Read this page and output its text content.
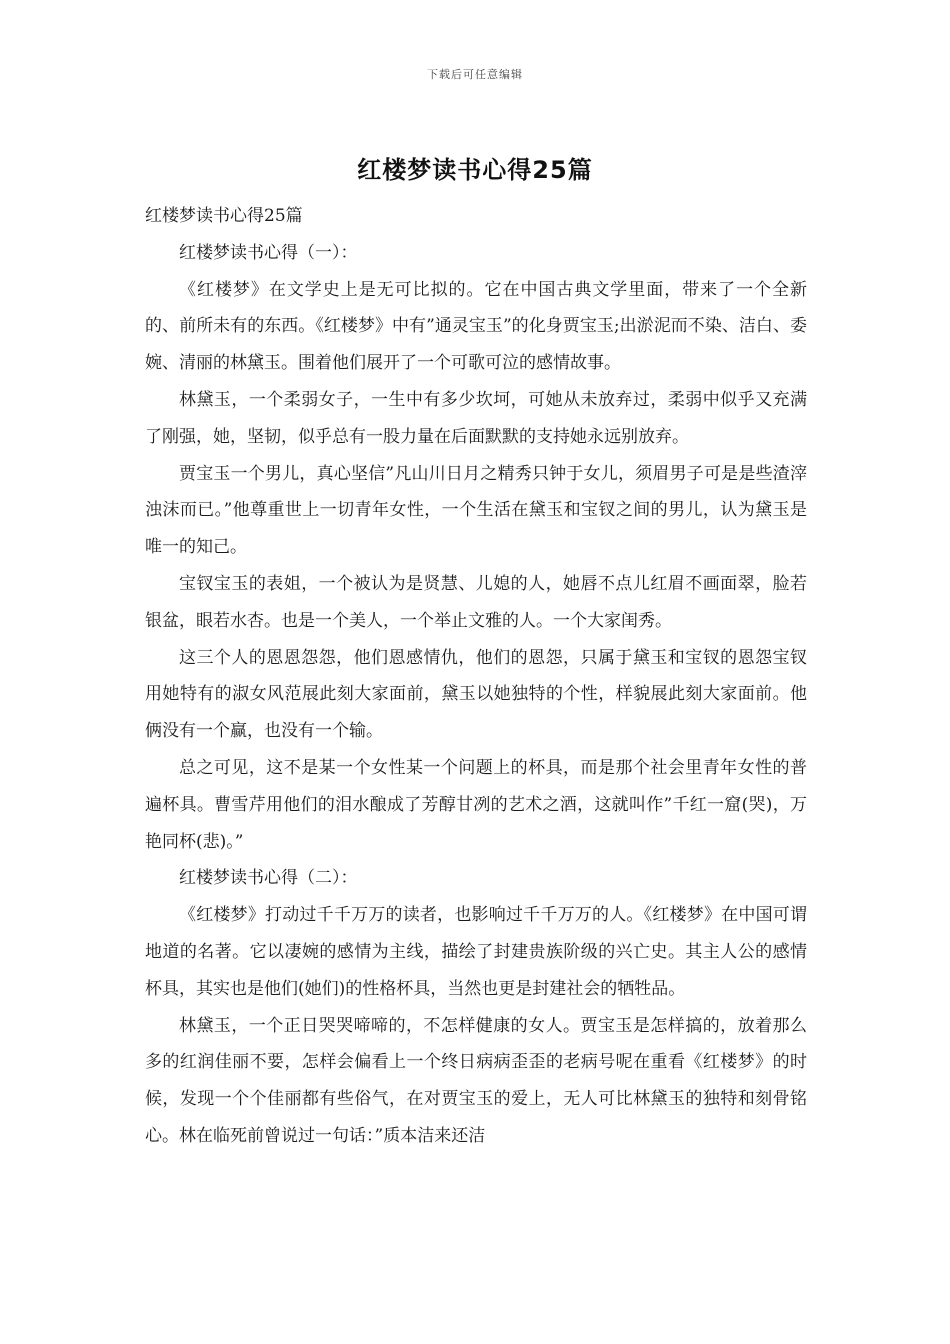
下载后可任意编辑
红楼梦读书心得25篇

红楼梦读书心得25篇

红楼梦读书心得（一）：

《红楼梦》在文学史上是无可比拟的。它在中国古典文学里面，带来了一个全新的、前所未有的东西。《红楼梦》中有”通灵宝玉”的化身贾宝玉;出淤泥而不染、洁白、委婉、清丽的林黛玉。围着他们展开了一个可歌可泣的感情故事。

林黛玉，一个柔弱女子，一生中有多少坎坷，可她从未放弃过，柔弱中似乎又充满了刚强，她，坚韧，似乎总有一股力量在后面默默的支持她永远别放弃。

贾宝玉一个男儿，真心坚信”凡山川日月之精秀只钟于女儿，须眉男子可是是些渣滓浊沫而已。”他尊重世上一切青年女性，一个生活在黛玉和宝钗之间的男儿，认为黛玉是唯一的知己。

宝钗宝玉的表姐，一个被认为是贤慧、儿媳的人，她唇不点儿红眉不画面翠，脸若银盆，眼若水杏。也是一个美人，一个举止文雅的人。一个大家闺秀。

这三个人的恩恩怨怨，他们恩感情仇，他们的恩怨，只属于黛玉和宝钗的恩怨宝钗用她特有的淑女风范展此刻大家面前，黛玉以她独特的个性，样貌展此刻大家面前。他俩没有一个赢，也没有一个输。

总之可见，这不是某一个女性某一个问题上的杯具，而是那个社会里青年女性的普遍杯具。曹雪芹用他们的泪水酿成了芳醇甘冽的艺术之酒，这就叫作”千红一窟(哭)，万艳同杯(悲)。”

红楼梦读书心得（二）：

《红楼梦》打动过千千万万的读者，也影响过千千万万的人。《红楼梦》在中国可谓地道的名著。它以凄婉的感情为主线，描绘了封建贵族阶级的兴亡史。其主人公的感情杯具，其实也是他们(她们)的性格杯具，当然也更是封建社会的牺牲品。

林黛玉，一个正日哭哭啼啼的，不怎样健康的女人。贾宝玉是怎样搞的，放着那么多的红润佳丽不要，怎样会偏看上一个终日病病歪歪的老病号呢在重看《红楼梦》的时候，发现一个个佳丽都有些俗气，在对贾宝玉的爱上，无人可比林黛玉的独特和刻骨铭心。林在临死前曾说过一句话：”质本洁来还洁
